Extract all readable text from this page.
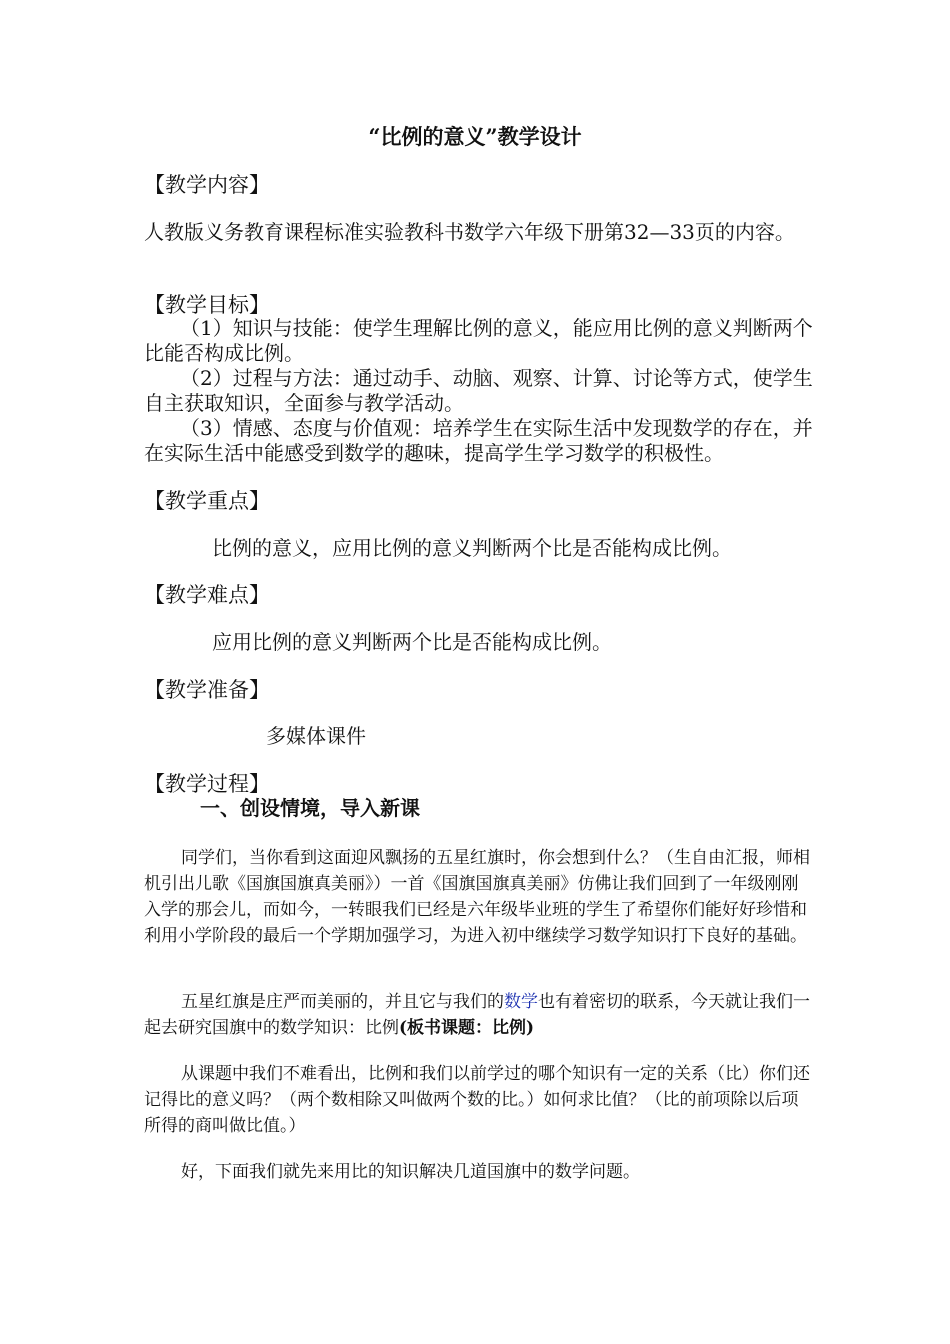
“比例的意义”教学设计
【教学内容】
人教版义务教育课程标准实验教科书数学六年级下册第32—33页的内容。
【教学目标】
（1）知识与技能：使学生理解比例的意义，能应用比例的意义判断两个比能否构成比例。
（2）过程与方法：通过动手、动脑、观察、计算、讨论等方式，使学生自主获取知识，全面参与教学活动。
（3）情感、态度与价值观：培养学生在实际生活中发现数学的存在，并在实际生活中能感受到数学的趣味，提高学生学习数学的积极性。
【教学重点】
比例的意义，应用比例的意义判断两个比是否能构成比例。
【教学难点】
应用比例的意义判断两个比是否能构成比例。
【教学准备】
多媒体课件
【教学过程】
一、创设情境，导入新课
同学们，当你看到这面迎风飘扬的五星红旗时，你会想到什么？（生自由汇报，师相机引出儿歌《国旗国旗真美丽》）一首《国旗国旗真美丽》仿佛让我们回到了一年级刚刚入学的那会儿，而如今，一转眼我们已经是六年级毕业班的学生了希望你们能好好珍惜和利用小学阶段的最后一个学期加强学习，为进入初中继续学习数学知识打下良好的基础。
五星红旗是庄严而美丽的，并且它与我们的数学也有着密切的联系，今天就让我们一起去研究国旗中的数学知识：比例(板书课题：比例)
从课题中我们不难看出，比例和我们以前学过的哪个知识有一定的关系（比）你们还记得比的意义吗？（两个数相除又叫做两个数的比。）如何求比值？（比的前项除以后项所得的商叫做比值。）
好，下面我们就先来用比的知识解决几道国旗中的数学问题。
